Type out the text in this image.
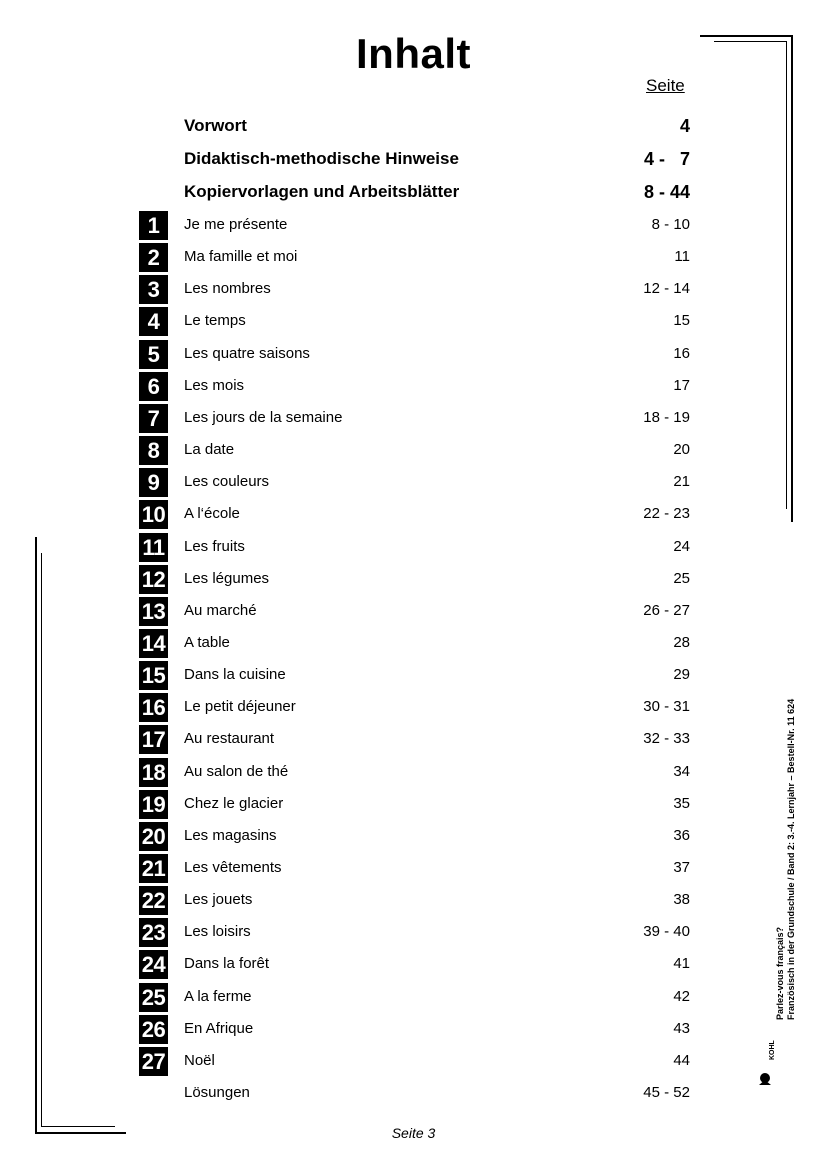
Inhalt
Seite
Vorwort	4
Didaktisch-methodische Hinweise	4 -   7
Kopiervorlagen und Arbeitsblätter	8 - 44
1	Je me présente	8 - 10
2	Ma famille et moi	11
3	Les nombres	12 - 14
4	Le temps	15
5	Les quatre saisons	16
6	Les mois	17
7	Les jours de la semaine	18 - 19
8	La date	20
9	Les couleurs	21
10 A l‘école	22 - 23
11 Les fruits	24
12 Les légumes	25
13 Au marché	26 - 27
14 A table	28
15 Dans la cuisine	29
16 Le petit déjeuner	30 - 31
17 Au restaurant	32 - 33
18 Au salon de thé	34
19 Chez le glacier	35
20 Les magasins	36
21 Les vêtements	37
22 Les jouets	38
23 Les loisirs	39 - 40
24 Dans la forêt	41
25 A la ferme	42
26 En Afrique	43
27 Noël	44
Lösungen	45 - 52
Seite 3
Parlez-vous français? Französisch in der Grundschule / Band 2: 3.-4. Lernjahr – Bestell-Nr. 11 624
KOHL
